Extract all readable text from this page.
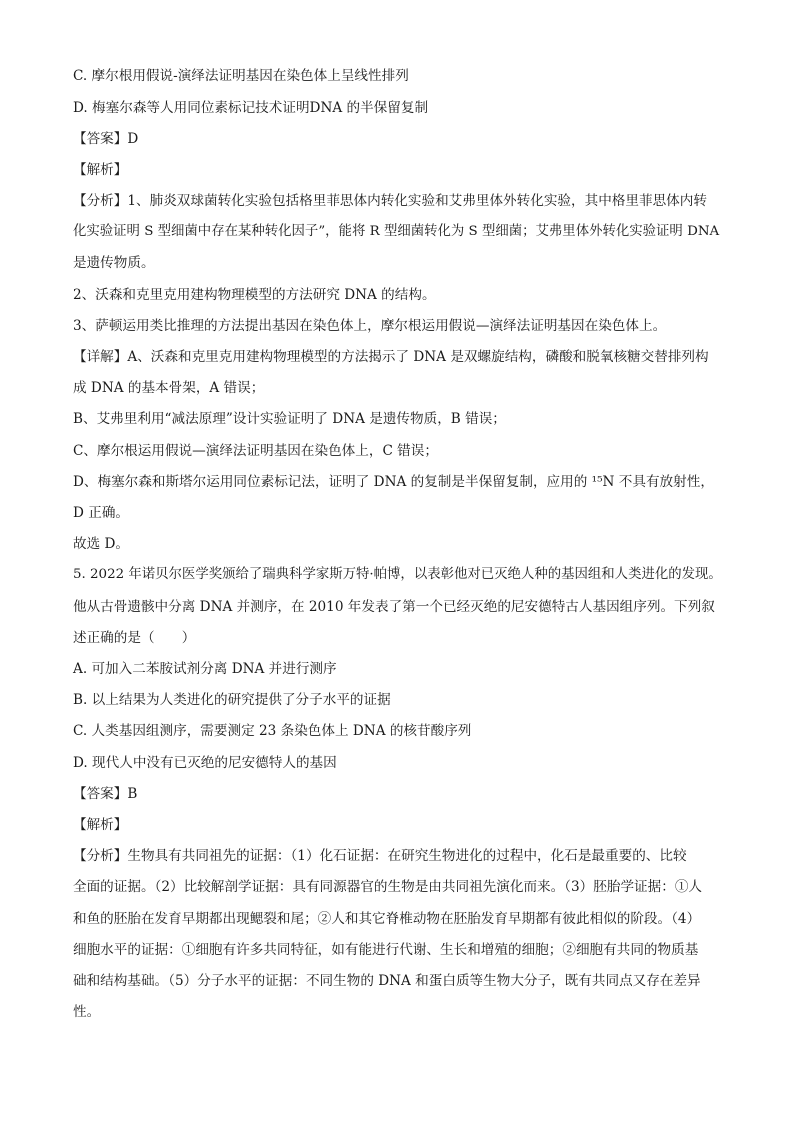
C. 摩尔根用假说-演绎法证明基因在染色体上呈线性排列
D. 梅塞尔森等人用同位素标记技术证明DNA 的半保留复制
【答案】D
【解析】
【分析】1、肺炎双球菌转化实验包括格里菲思体内转化实验和艾弗里体外转化实验，其中格里菲思体内转
化实验证明 S 型细菌中存在某种转化因子”，能将 R 型细菌转化为 S 型细菌；艾弗里体外转化实验证明 DNA
是遗传物质。
2、沃森和克里克用建构物理模型的方法研究 DNA 的结构。
3、萨顿运用类比推理的方法提出基因在染色体上，摩尔根运用假说—演绎法证明基因在染色体上。
【详解】A、沃森和克里克用建构物理模型的方法揭示了 DNA 是双螺旋结构，磷酸和脱氧核糖交替排列构
成 DNA 的基本骨架，A 错误；
B、艾弗里利用“减法原理”设计实验证明了 DNA 是遗传物质，B 错误；
C、摩尔根运用假说—演绎法证明基因在染色体上，C 错误；
D、梅塞尔森和斯塔尔运用同位素标记法，证明了 DNA 的复制是半保留复制，应用的 ¹⁵N 不具有放射性，
D 正确。
故选 D。
5. 2022 年诺贝尔医学奖颁给了瑞典科学家斯万特·帕博，以表彰他对已灭绝人种的基因组和人类进化的发现。
他从古骨遗骸中分离 DNA 并测序，在 2010 年发表了第一个已经灭绝的尼安德特古人基因组序列。下列叙
述正确的是（　　）
A. 可加入二苯胺试剂分离 DNA 并进行测序
B. 以上结果为人类进化的研究提供了分子水平的证据
C. 人类基因组测序，需要测定 23 条染色体上 DNA 的核苷酸序列
D. 现代人中没有已灭绝的尼安德特人的基因
【答案】B
【解析】
【分析】生物具有共同祖先的证据：（1）化石证据：在研究生物进化的过程中，化石是最重要的、比较
全面的证据。（2）比较解剖学证据：具有同源器官的生物是由共同祖先演化而来。（3）胚胎学证据：①人
和鱼的胚胎在发育早期都出现鳃裂和尾；②人和其它脊椎动物在胚胎发育早期都有彼此相似的阶段。（4）
细胞水平的证据：①细胞有许多共同特征，如有能进行代谢、生长和增殖的细胞；②细胞有共同的物质基
础和结构基础。（5）分子水平的证据：不同生物的 DNA 和蛋白质等生物大分子，既有共同点又存在差异
性。
